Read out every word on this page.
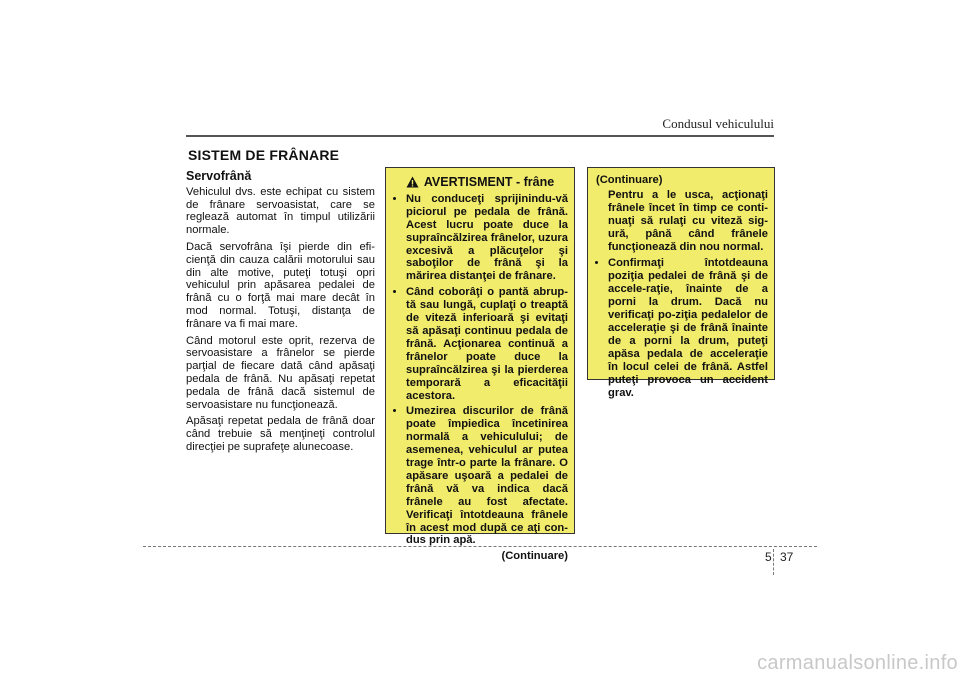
Condusul vehiculului
SISTEM DE FRÂNARE
Servofrână

Vehiculul dvs. este echipat cu sistem de frânare servoasistat, care se reglează automat în timpul utilizării normale.

Dacă servofrâna îşi pierde din efi-cienţă din cauza calării motorului sau din alte motive, puteţi totuşi opri vehiculul prin apăsarea pedalei de frână cu o forţă mai mare decât în mod normal. Totuşi, distanţa de frânare va fi mai mare.

Când motorul este oprit, rezerva de servoasistare a frânelor se pierde parţial de fiecare dată când apăsaţi pedala de frână. Nu apăsaţi repetat pedala de frână dacă sistemul de servoasistare nu funcţionează.

Apăsaţi repetat pedala de frână doar când trebuie să menţineţi controlul direcţiei pe suprafeţe alunecoase.

AVERTISMENT - frâne
• Nu conduceţi sprijinindu-vă piciorul pe pedala de frână. Acest lucru poate duce la supraîncălzirea frânelor, uzura excesivă a plăcuţelor şi saboţilor de frână şi la mărirea distanţei de frânare.
• Când coborâţi o pantă abrup-tă sau lungă, cuplaţi o treaptă de viteză inferioară şi evitaţi să apăsaţi continuu pedala de frână. Acţionarea continuă a frânelor poate duce la supraîncălzirea şi la pierderea temporară a eficacităţii acestora.
• Umezirea discurilor de frână poate împiedica încetinirea normală a vehiculului; de asemenea, vehiculul ar putea trage într-o parte la frânare. O apăsare uşoară a pedalei de frână vă va indica dacă frânele au fost afectate. Verificaţi întotdeauna frânele în acest mod după ce aţi con-dus prin apă.
(Continuare)
(Continuare)
Pentru a le usca, acţionaţi frânele încet în timp ce conti-nuaţi să rulaţi cu viteză sig-ură, până când frânele funcţionează din nou normal.
• Confirmaţi întotdeauna poziţia pedalei de frână şi de accele-raţie, înainte de a porni la drum. Dacă nu verificaţi po-ziţia pedalelor de acceleraţie şi de frână înainte de a porni la drum, puteţi apăsa pedala de acceleraţie în locul celei de frână. Astfel puteţi provoca un accident grav.
5 37
carmanualsonline.info
